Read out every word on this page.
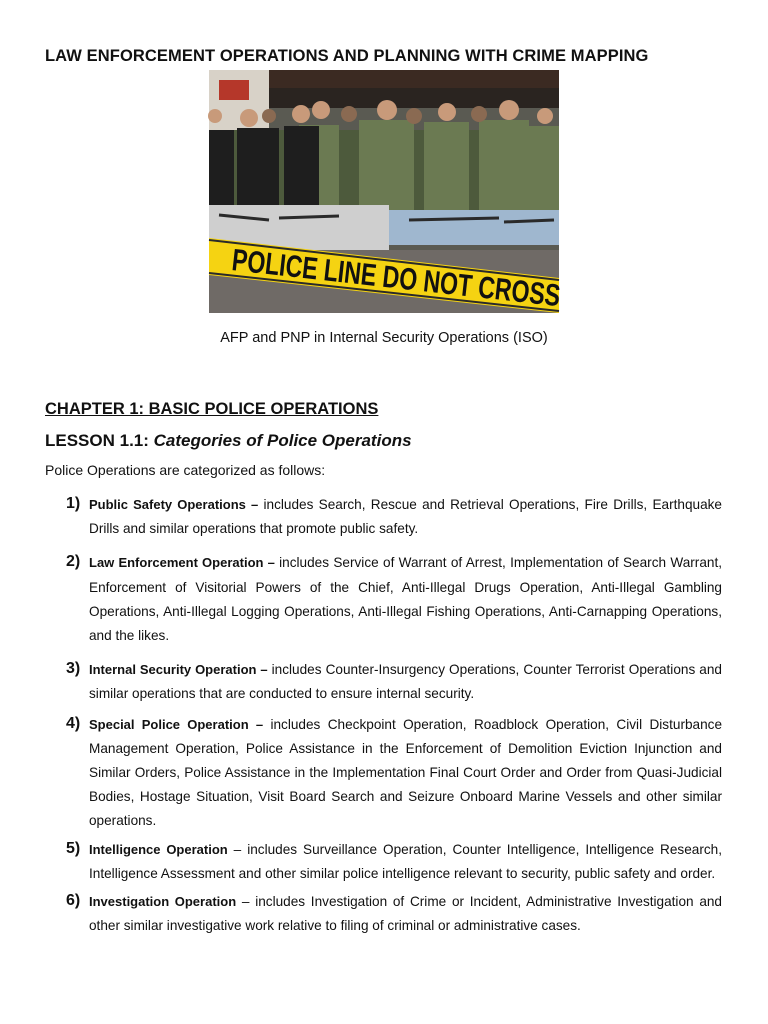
LAW ENFORCEMENT OPERATIONS AND PLANNING WITH CRIME MAPPING
POLICE LINE DO NOT CROSS
AFP and PNP in Internal Security Operations (ISO)
CHAPTER 1: BASIC POLICE OPERATIONS
LESSON 1.1: Categories of Police Operations
Police Operations are categorized as follows:
1) Public Safety Operations – includes Search, Rescue and Retrieval Operations, Fire Drills, Earthquake Drills and similar operations that promote public safety.
2) Law Enforcement Operation – includes Service of Warrant of Arrest, Implementation of Search Warrant, Enforcement of Visitorial Powers of the Chief, Anti-Illegal Drugs Operation, Anti-Illegal Gambling Operations, Anti-Illegal Logging Operations, Anti-Illegal Fishing Operations, Anti-Carnapping Operations, and the likes.
3) Internal Security Operation – includes Counter-Insurgency Operations, Counter Terrorist Operations and similar operations that are conducted to ensure internal security.
4) Special Police Operation – includes Checkpoint Operation, Roadblock Operation, Civil Disturbance Management Operation, Police Assistance in the Enforcement of Demolition Eviction Injunction and Similar Orders, Police Assistance in the Implementation Final Court Order and Order from Quasi-Judicial Bodies, Hostage Situation, Visit Board Search and Seizure Onboard Marine Vessels and other similar operations.
5) Intelligence Operation – includes Surveillance Operation, Counter Intelligence, Intelligence Research, Intelligence Assessment and other similar police intelligence relevant to security, public safety and order.
6) Investigation Operation – includes Investigation of Crime or Incident, Administrative Investigation and other similar investigative work relative to filing of criminal or administrative cases.
